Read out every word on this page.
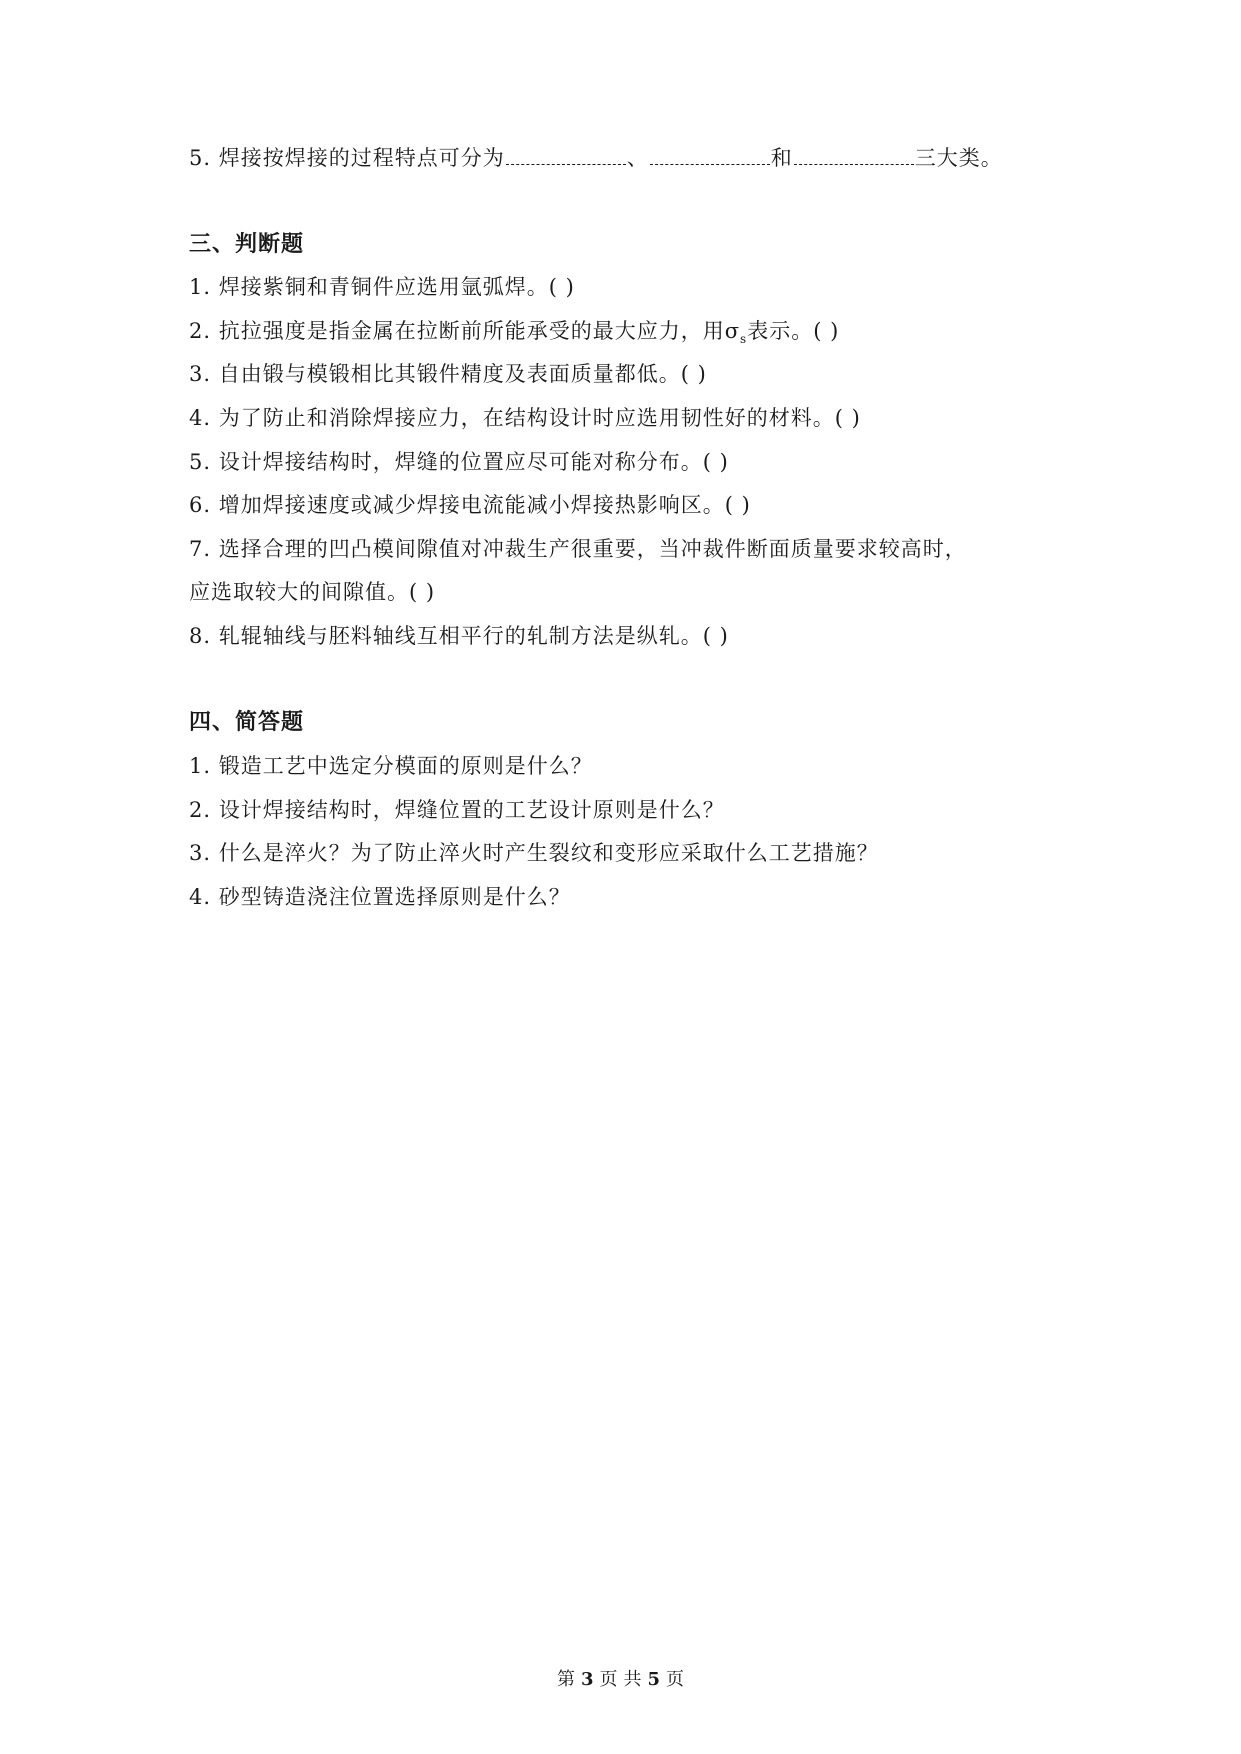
5. 焊接按焊接的过程特点可分为	、	和	三大类。
三、判断题
1. 焊接紫铜和青铜件应选用氩弧焊。( )
2. 抗拉强度是指金属在拉断前所能承受的最大应力，用$\sigma_s$表示。( )
3. 自由锻与模锻相比其锻件精度及表面质量都低。( )
4. 为了防止和消除焊接应力，在结构设计时应选用韧性好的材料。( )
5. 设计焊接结构时，焊缝的位置应尽可能对称分布。( )
6. 增加焊接速度或减少焊接电流能减小焊接热影响区。( )
7. 选择合理的凹凸模间隙值对冲裁生产很重要，当冲裁件断面质量要求较高时，
应选取较大的间隙值。( )
8. 轧辊轴线与胚料轴线互相平行的轧制方法是纵轧。( )
四、简答题
1. 锻造工艺中选定分模面的原则是什么？
2. 设计焊接结构时，焊缝位置的工艺设计原则是什么？
3. 什么是淬火？为了防止淬火时产生裂纹和变形应采取什么工艺措施？
4. 砂型铸造浇注位置选择原则是什么？
第 3 页 共 5 页
